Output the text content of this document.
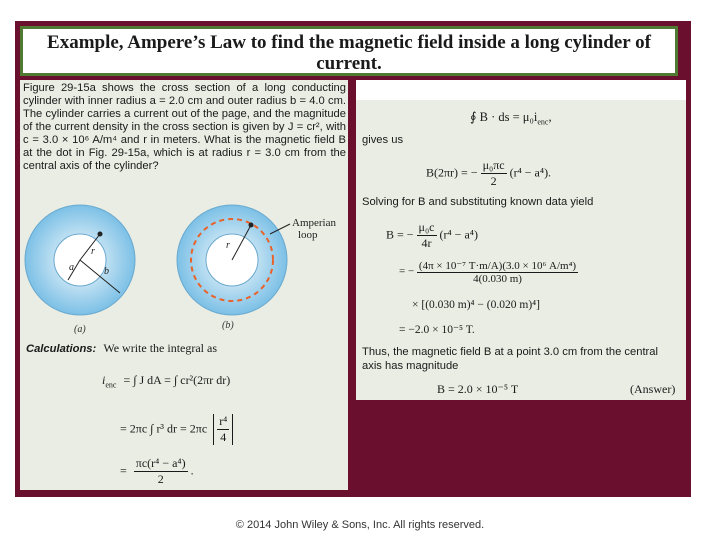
Example, Ampere’s Law to find the magnetic field inside a long cylinder of current.
Figure 29-15a shows the cross section of a long conducting cylinder with inner radius a = 2.0 cm and outer radius b = 4.0 cm. The cylinder carries a current out of the page, and the magnitude of the current density in the cross section is given by J = cr², with c = 3.0 × 10⁶ A/m⁴ and r in meters. What is the magnetic field B at the dot in Fig. 29-15a, which is at radius r = 3.0 cm from the central axis of the cylinder?
r
a	b
r
Amperian
loop
(a)	(b)
Calculations: We write the integral as
$i_{enc}$ = ∫ J dA = ∫ cr²(2πr dr)
= 2πc ∫ r³ dr = $2\pi c \frac{\text{r⁴}}{4}$
= $\frac{\text{πc(r⁴ − a⁴)}}{2}$ .
∮ B · ds = $\mu_0i_{enc}$,
gives us
B(2πr) = − $\frac{\text{μ₀πc}}{2} (r^4 - a^4)$.
Solving for B and substituting known data yield
B = − $\frac{\text{μ₀c}}{4r} (r^4 - a^4)$
= − $\frac{\text{(4π × 10⁻⁷ T·m/A)(3.0 × 10⁶ A/m⁴)}}{4(0.030 m)}$
× [(0.030 m)⁴ − (0.020 m)⁴]
= −2.0 × 10⁻⁵ T.
Thus, the magnetic field B at a point 3.0 cm from the central
axis has magnitude
B = 2.0 × 10⁻⁵ T	(Answer)
© 2014 John Wiley & Sons, Inc. All rights reserved.
